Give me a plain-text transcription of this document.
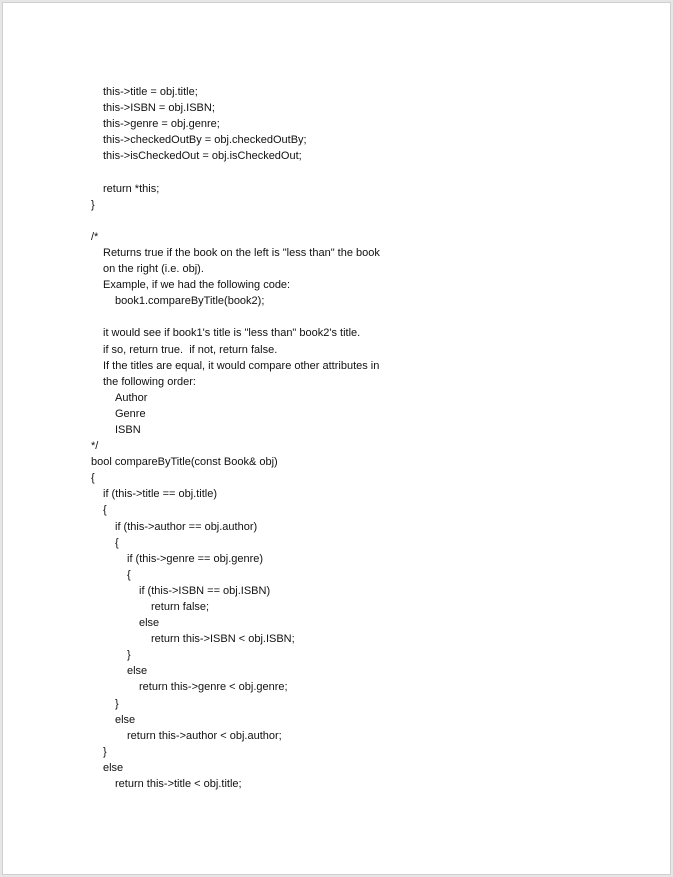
this->title = obj.title;
this->ISBN = obj.ISBN;
this->genre = obj.genre;
this->checkedOutBy = obj.checkedOutBy;
this->isCheckedOut = obj.isCheckedOut;
return *this;
}
/*
Returns true if the book on the left is "less than" the book
on the right (i.e. obj).
Example, if we had the following code:
book1.compareByTitle(book2);
it would see if book1's title is "less than" book2's title.
if so, return true.  if not, return false.
If the titles are equal, it would compare other attributes in
the following order:
Author
Genre
ISBN
*/
bool compareByTitle(const Book& obj)
{
if (this->title == obj.title)
{
if (this->author == obj.author)
{
if (this->genre == obj.genre)
{
if (this->ISBN == obj.ISBN)
return false;
else
return this->ISBN < obj.ISBN;
}
else
return this->genre < obj.genre;
}
else
return this->author < obj.author;
}
else
return this->title < obj.title;
